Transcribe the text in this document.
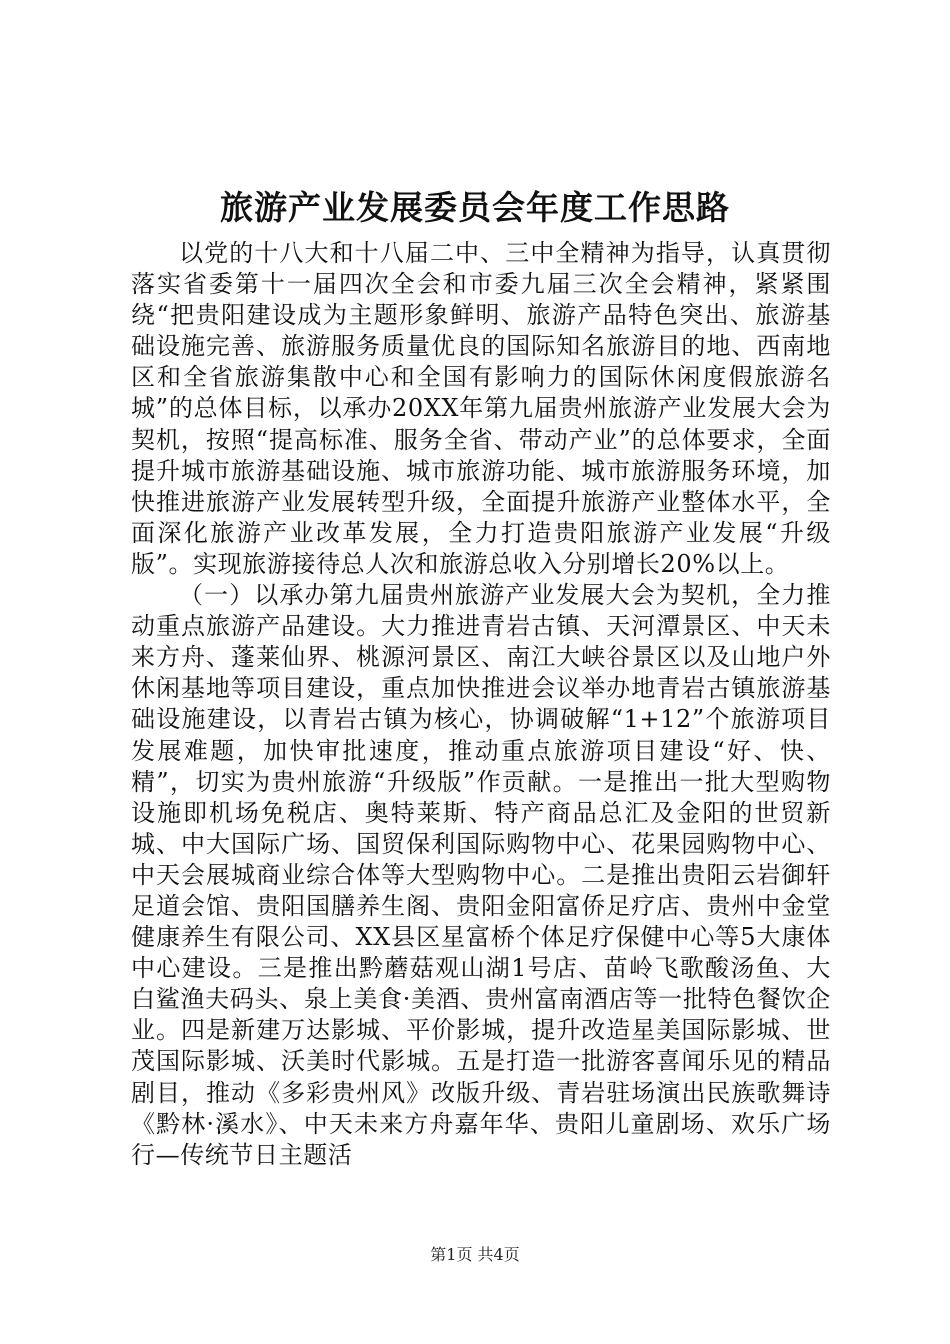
旅游产业发展委员会年度工作思路

以党的十八大和十八届二中、三中全精神为指导，认真贯彻落实省委第十一届四次全会和市委九届三次全会精神，紧紧围绕“把贵阳建设成为主题形象鲜明、旅游产品特色突出、旅游基础设施完善、旅游服务质量优良的国际知名旅游目的地、西南地区和全省旅游集散中心和全国有影响力的国际休闲度假旅游名城”的总体目标，以承办20XX年第九届贵州旅游产业发展大会为契机，按照“提高标准、服务全省、带动产业”的总体要求，全面提升城市旅游基础设施、城市旅游功能、城市旅游服务环境，加快推进旅游产业发展转型升级，全面提升旅游产业整体水平，全面深化旅游产业改革发展，全力打造贵阳旅游产业发展“升级版”。实现旅游接待总人次和旅游总收入分别增长20%以上。

（一）以承办第九届贵州旅游产业发展大会为契机，全力推动重点旅游产品建设。大力推进青岩古镇、天河潭景区、中天未来方舟、蓬莱仙界、桃源河景区、南江大峡谷景区以及山地户外休闲基地等项目建设，重点加快推进会议举办地青岩古镇旅游基础设施建设，以青岩古镇为核心，协调破解“1+12”个旅游项目发展难题，加快审批速度，推动重点旅游项目建设“好、快、精”，切实为贵州旅游“升级版”作贡献。一是推出一批大型购物设施即机场免税店、奥特莱斯、特产商品总汇及金阳的世贸新城、中大国际广场、国贸保利国际购物中心、花果园购物中心、中天会展城商业综合体等大型购物中心。二是推出贵阳云岩御轩足道会馆、贵阳国膳养生阁、贵阳金阳富侨足疗店、贵州中金堂健康养生有限公司、XX县区星富桥个体足疗保健中心等5大康体中心建设。三是推出黔蘑菇观山湖1号店、苗岭飞歌酸汤鱼、大白鲨渔夫码头、泉上美食·美酒、贵州富南酒店等一批特色餐饮企业。四是新建万达影城、平价影城，提升改造星美国际影城、世茂国际影城、沃美时代影城。五是打造一批游客喜闻乐见的精品剧目，推动《多彩贵州风》改版升级、青岩驻场演出民族歌舞诗《黔林·溪水》、中天未来方舟嘉年华、贵阳儿童剧场、欢乐广场行—传统节日主题活

第1页 共4页
